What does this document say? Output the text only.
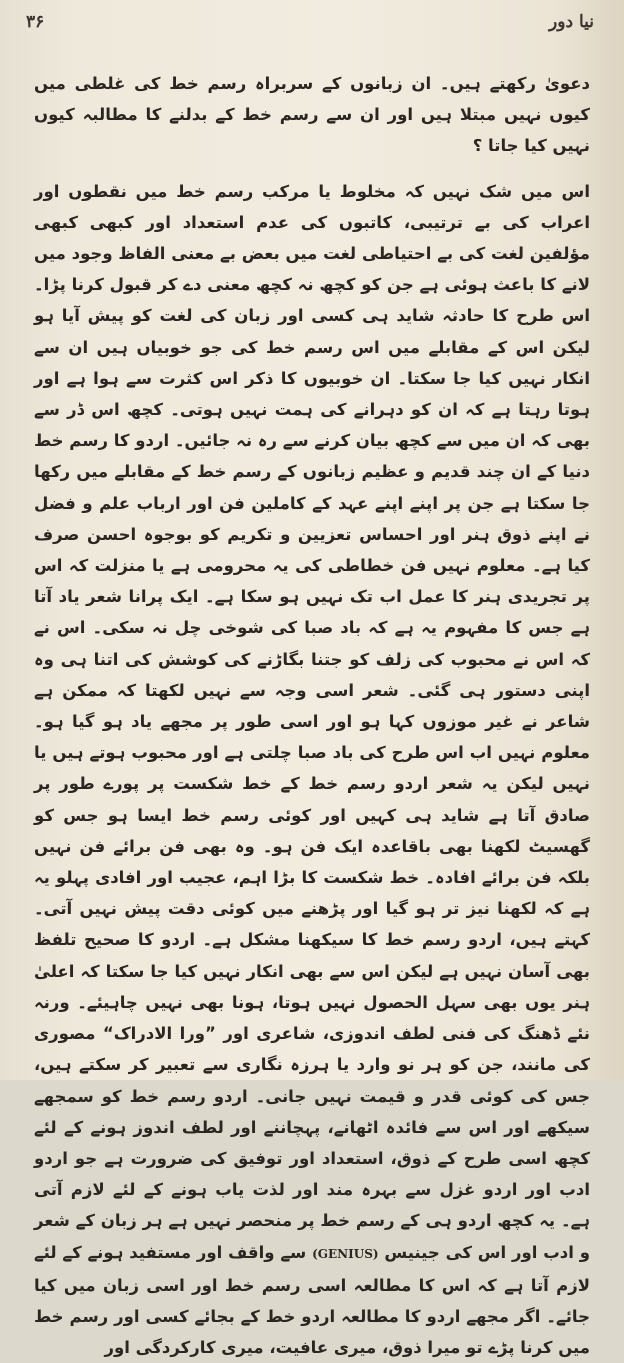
۳۶	نیا دور

دعویٰ رکھتے ہیں۔ ان زبانوں کے سربراہ رسم خط کی غلطی میں کیوں نہیں مبتلا ہیں اور ان سے رسم خط کے بدلنے کا مطالبہ کیوں نہیں کیا جاتا ؟

اس میں شک نہیں کہ مخلوط یا مرکب رسم خط میں نقطوں اور اعراب کی بے ترتیبی، کاتبوں کی عدم استعداد اور کبھی کبھی مؤلفین لغت کی بے احتیاطی لغت میں بعض بے معنی الفاظ وجود میں لانے کا باعث ہوئی ہے جن کو کچھ نہ کچھ معنی دے کر قبول کرنا پڑا۔ اس طرح کا حادثہ شاید ہی کسی اور زبان کی لغت کو پیش آیا ہو لیکن اس کے مقابلے میں اس رسم خط کی جو خوبیاں ہیں ان سے انکار نہیں کیا جا سکتا۔ ان خوبیوں کا ذکر اس کثرت سے ہوا ہے اور ہوتا رہتا ہے کہ ان کو دہرانے کی ہمت نہیں ہوتی۔ کچھ اس ڈر سے بھی کہ ان میں سے کچھ بیان کرنے سے رہ نہ جائیں۔ اردو کا رسم خط دنیا کے ان چند قدیم و عظیم زبانوں کے رسم خط کے مقابلے میں رکھا جا سکتا ہے جن پر اپنے اپنے عہد کے کاملین فن اور ارباب علم و فضل نے اپنے ذوق ہنر اور احساس تعزیین و تکریم کو بوجوہ احسن صرف کیا ہے۔ معلوم نہیں فن خطاطی کی یہ محرومی ہے یا منزلت کہ اس پر تجریدی ہنر کا عمل اب تک نہیں ہو سکا ہے۔ ایک پرانا شعر یاد آتا ہے جس کا مفہوم یہ ہے کہ باد صبا کی شوخی چل نہ سکی۔ اس نے کہ اس نے محبوب کی زلف کو جتنا بگاڑنے کی کوشش کی اتنا ہی وہ اپنی دستور ہی گئی۔ شعر اسی وجہ سے نہیں لکھتا کہ ممکن ہے شاعر نے غیر موزوں کہا ہو اور اسی طور پر مجھے یاد ہو گیا ہو۔ معلوم نہیں اب اس طرح کی باد صبا چلتی ہے اور محبوب ہوتے ہیں یا نہیں لیکن یہ شعر اردو رسم خط کے خط شکست پر پورے طور پر صادق آتا ہے شاید ہی کہیں اور کوئی رسم خط ایسا ہو جس کو گھسیٹ لکھنا بھی باقاعدہ ایک فن ہو۔ وہ بھی فن برائے فن نہیں بلکہ فن برائے افادہ۔ خط شکست کا بڑا اہم، عجیب اور افادی پہلو یہ ہے کہ لکھنا نیز تر ہو گیا اور پڑھنے میں کوئی دقت پیش نہیں آتی۔ کہتے ہیں، اردو رسم خط کا سیکھنا مشکل ہے۔ اردو کا صحیح تلفظ بھی آسان نہیں ہے لیکن اس سے بھی انکار نہیں کیا جا سکتا کہ اعلیٰ ہنر یوں بھی سہل الحصول نہیں ہوتا، ہونا بھی نہیں چاہیئے۔ ورنہ نئے ڈھنگ کی فنی لطف اندوزی، شاعری اور ”ورا الادراک“ مصوری کی مانند، جن کو ہر نو وارد یا ہرزہ نگاری سے تعبیر کر سکتے ہیں، جس کی کوئی قدر و قیمت نہیں جانی۔ اردو رسم خط کو سمجھے سیکھے اور اس سے فائدہ اٹھانے، پہچاننے اور لطف اندوز ہونے کے لئے کچھ اسی طرح کے ذوق، استعداد اور توفیق کی ضرورت ہے جو اردو ادب اور اردو غزل سے بہرہ مند اور لذت یاب ہونے کے لئے لازم آتی ہے۔ یہ کچھ اردو ہی کے رسم خط پر منحصر نہیں ہے ہر زبان کے شعر و ادب اور اس کی جینیس (GENIUS) سے واقف اور مستفید ہونے کے لئے لازم آتا ہے کہ اس کا مطالعہ اسی رسم خط اور اسی زبان میں کیا جائے۔ اگر مجھے اردو کا مطالعہ اردو خط کے بجائے کسی اور رسم خط میں کرنا پڑے تو میرا ذوق، میری عافیت، میری کارکردگی اور
